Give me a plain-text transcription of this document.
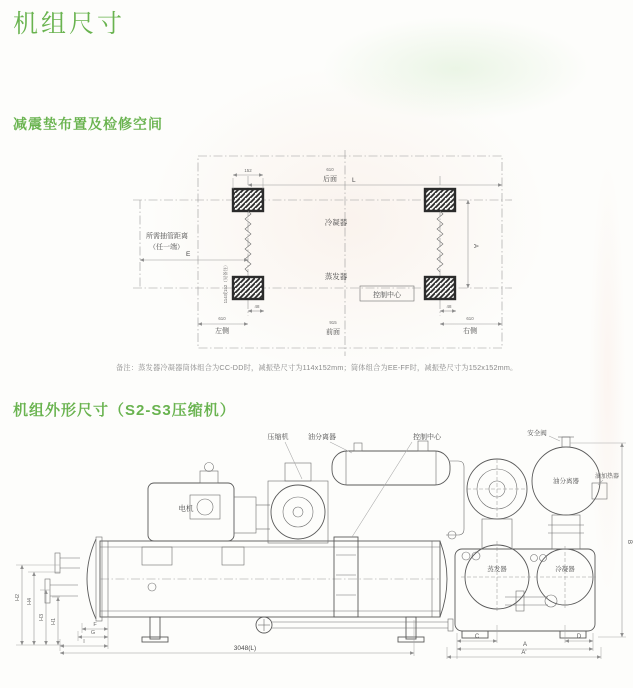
机组尺寸
减震垫布置及检修空间
152	610
后面 L
A
所需抽管距离
（任一端）
E
冷凝器
蒸发器
控制中心
114或152（见备注）
48	48
610
左侧
915
前面
610
右侧
备注：蒸发器冷凝器筒体组合为CC-DD时，减振垫尺寸为114x152mm；筒体组合为EE-FF时，减振垫尺寸为152x152mm。
机组外形尺寸（S2-S3压缩机）
电机
压缩机	油分离器	控制中心
H2
H4
H3
H1	F
G
I
3048(L)
蒸发器	冷凝器
油分离器
安全阀
油加热器
B
C	D
A
A'
